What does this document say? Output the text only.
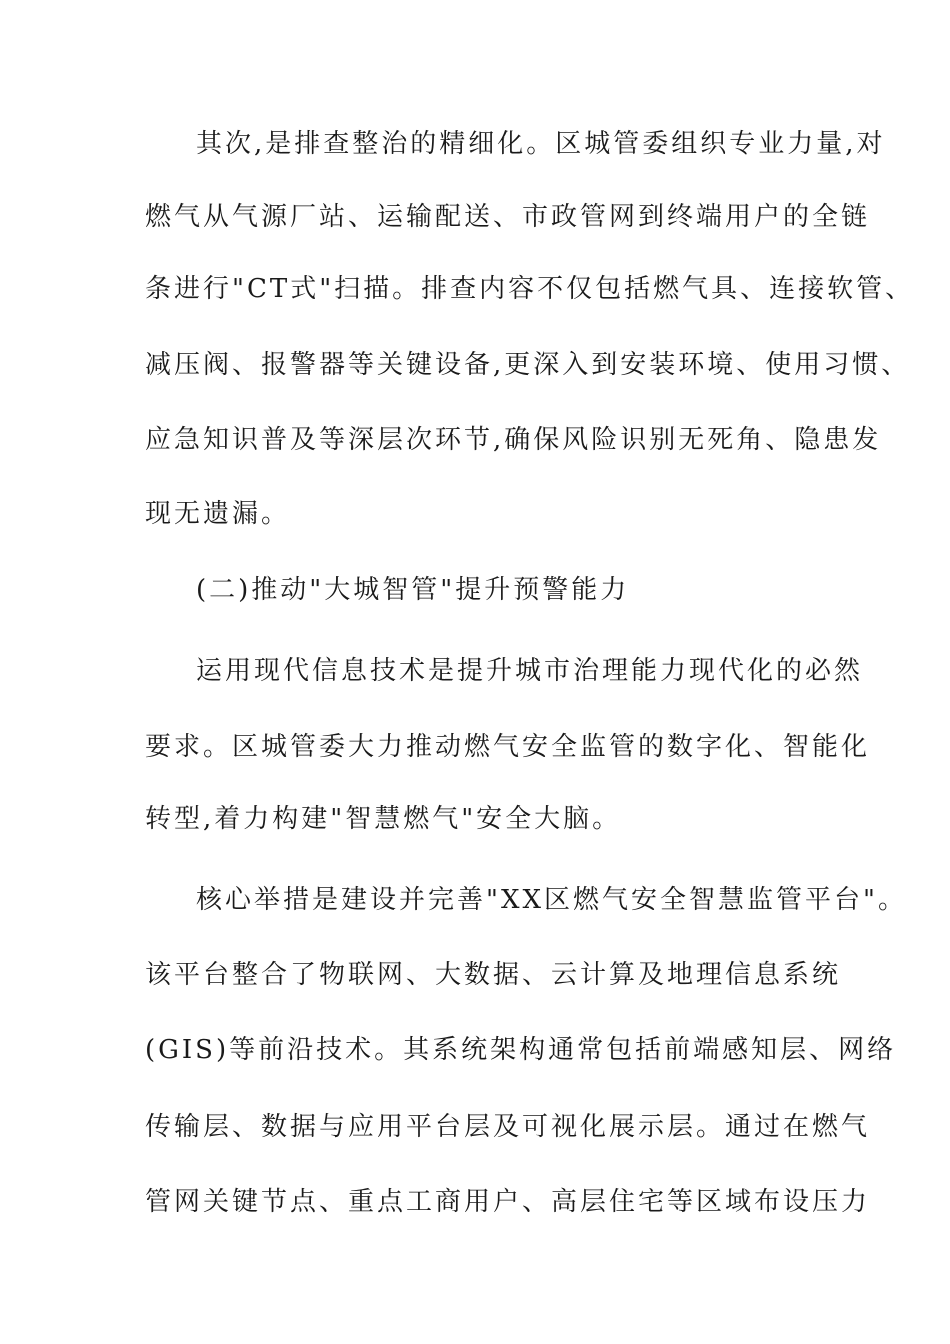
其次,是排查整治的精细化。区城管委组织专业力量,对
燃气从气源厂站、运输配送、市政管网到终端用户的全链
条进行"CT式"扫描。排查内容不仅包括燃气具、连接软管、
减压阀、报警器等关键设备,更深入到安装环境、使用习惯、
应急知识普及等深层次环节,确保风险识别无死角、隐患发
现无遗漏。
(二)推动"大城智管"提升预警能力
运用现代信息技术是提升城市治理能力现代化的必然
要求。区城管委大力推动燃气安全监管的数字化、智能化
转型,着力构建"智慧燃气"安全大脑。
核心举措是建设并完善"XX区燃气安全智慧监管平台"。
该平台整合了物联网、大数据、云计算及地理信息系统
(GIS)等前沿技术。其系统架构通常包括前端感知层、网络
传输层、数据与应用平台层及可视化展示层。通过在燃气
管网关键节点、重点工商用户、高层住宅等区域布设压力
